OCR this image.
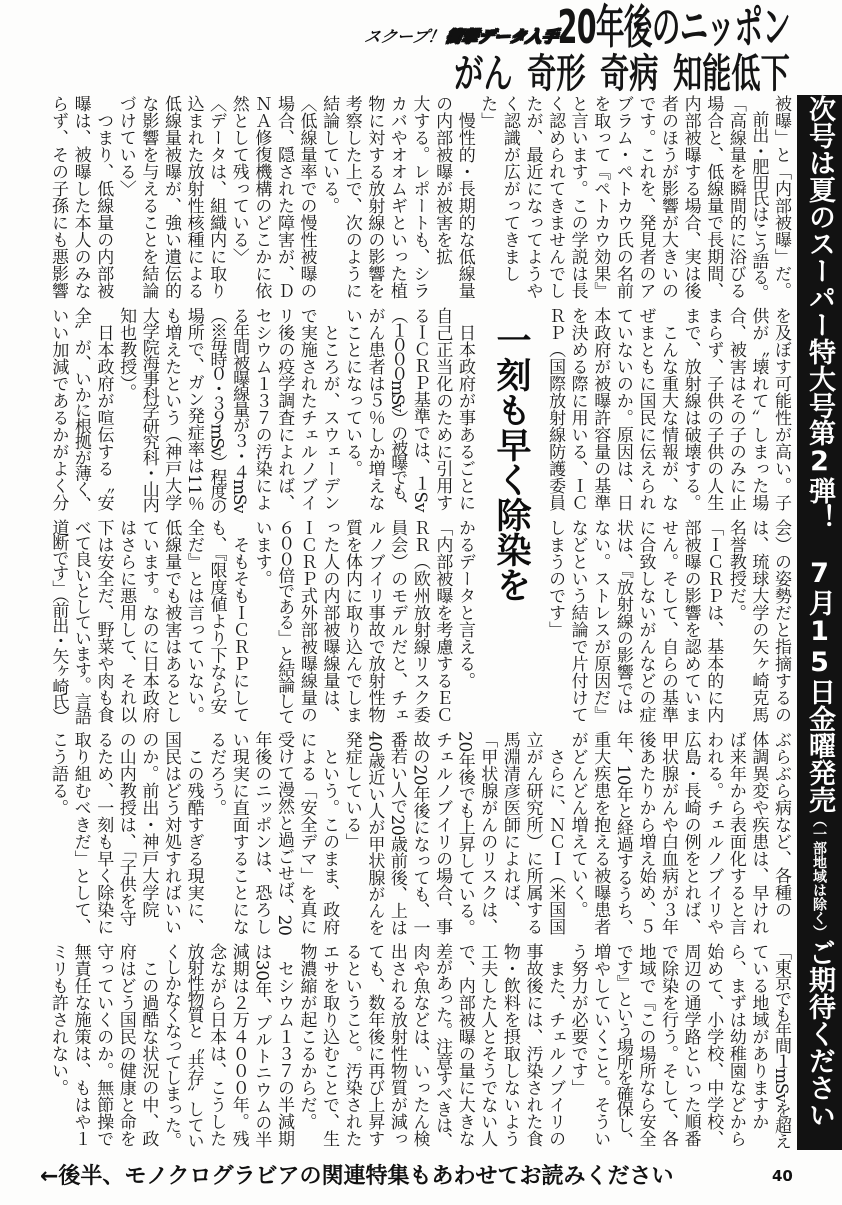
スクープ！衝撃データ入手
20年後のニッポン
がん 奇形 奇病 知能低下
次号は夏のスーパー特大号第2弾！　7月15日金曜発売（一部地域は除く）ご期待ください
被曝」と「内部被曝」だ。
　前出・肥田氏はこう語る。
「高線量を瞬間的に浴びる
場合と、低線量で長期間、
内部被曝する場合、実は後
者のほうが影響が大きいの
です。これを、発見者のア
ブラム・ペトカウ氏の名前
を取って『ペトカウ効果』
と言います。この学説は長
く認められてきませんでし
たが、最近になってようや
く認識が広がってきまし
た」
　慢性的・長期的な低線量
の内部被曝が被害を拡
大する。レポートも、シラ
カバやオオムギといった植
物に対する放射線の影響を
考察した上で、次のように
結論している。
〈低線量率での慢性被曝の
場合、隠された障害が、Ｄ
ＮＡ修復機構のどこかに依
然として残っている〉
〈データは、組織内に取り
込まれた放射性核種による
低線量被曝が、強い遺伝的
な影響を与えることを結論
づけている〉
　つまり、低線量の内部被
曝は、被曝した本人のみな
らず、その子孫にも悪影響
を及ぼす可能性が高い。子
供が〝壊れて〟しまった場
合、被害はその子のみに止
まらず、子供の子供の人生
まで、放射線は破壊する。
　こんな重大な情報が、な
ぜまともに国民に伝えられ
ていないのか。原因は、日
本政府が被曝許容量の基準
を決める際に用いる、ＩＣ
ＲＰ（国際放射線防護委員
会）の姿勢だと指摘するの
は、琉球大学の矢ヶ崎克馬
名誉教授だ。
「ＩＣＲＰは、基本的に内
部被曝の影響を認めていま
せん。そして、自らの基準
に合致しないがんなどの症
状は、『放射線の影響では
ない。ストレスが原因だ』
などという結論で片付けて
しまうのです」
一刻も早く除染を
　日本政府が事あるごとに
自己正当化のために引用す
るＩＣＲＰ基準では、１Sv
（１０００mSv）の被曝でも、
がん患者は５％しか増えな
いことになっている。
　ところが、スウェーデン
で実施されたチェルノブイ
リ後の疫学調査によれば、
セシウム１３７の汚染によ
る年間被曝線量が３・４mSv
（※毎時０・３９mSv）程度の
場所で、ガン発症率は11％
も増えたという（神戸大学
大学院海事科学研究科・山内
知也教授）。
　日本政府が喧伝する〝安
全〟が、いかに根拠が薄く、
いい加減であるかがよく分
かるデータと言える。
「内部被曝を考慮するＥＣ
ＲＲ（欧州放射線リスク委
員会）のモデルだと、チェ
ルノブイリ事故で放射性物
質を体内に取り込んでしま
った人の内部被曝線量は、
ＩＣＲＰ式外部被曝線量の
６００倍である」と結論して
います。
　そもそもＩＣＲＰにして
も、『限度値より下なら安
全だ』とは言っていない。
低線量でも被害はあるとし
ています。なのに日本政府
はさらに悪用して、それ以
下は安全だ、野菜や肉も食
べて良いとしています。言語
道断です」（前出・矢ヶ崎氏）
ぶらぶら病など、各種の
体調異変や疾患は、早けれ
ば来年から表面化すると言
われる。チェルノブイリや
広島・長崎の例をとれば、
甲状腺がんや白血病が３年
後あたりから増え始め、５
年、10年と経過するうち、
重大疾患を抱える被曝患者
がどんどん増えていく。
　さらに、ＮＣＩ（米国国
立がん研究所）に所属する
馬淵清彦医師によれば、
「甲状腺がんのリスクは、
20年後でも上昇している。
チェルノブイリの場合、事
故の20年後になっても、一
番若い人で20歳前後、上は
40歳近い人が甲状腺がんを
発症している」
　という。このまま、政府
による「安全デマ」を真に
受けて漫然と過ごせば、20
年後のニッポンは、恐ろし
い現実に直面することにな
るだろう。
　この残酷すぎる現実に、
国民はどう対処すればいい
のか。前出・神戸大学院
の山内教授は、「子供を守
るため、一刻も早く除染に
取り組むべきだ」として、
こう語る。
「東京でも年間１mSvを超え
ている地域がありますか
ら、まずは幼稚園などから
始めて、小学校、中学校、
周辺の通学路といった順番
で除染を行う。そして、各
地域で『この場所なら安全
です』という場所を確保し、
増やしていくこと。そうい
う努力が必要です」
　また、チェルノブイリの
事故後には、汚染された食
物・飲料を摂取しないよう
工夫した人とそうでない人
で、内部被曝の量に大きな
差があった。注意すべきは、
肉や魚などは、いったん検
出される放射性物質が減っ
ても、数年後に再び上昇す
るということ。汚染された
エサを取り込むことで、生
物濃縮が起こるからだ。
　セシウム１３７の半減期
は30年、プルトニウムの半
減期は２万４０００年。残
念ながら日本は、こうした
放射性物質と〝共存〟してい
くしかなくなってしまった。
　この過酷な状況の中、政
府はどう国民の健康と命を
守っていくのか。無節操で
無責任な施策は、もはや１
ミリも許されない。
←後半、モノクログラビアの関連特集もあわせてお読みください	40
